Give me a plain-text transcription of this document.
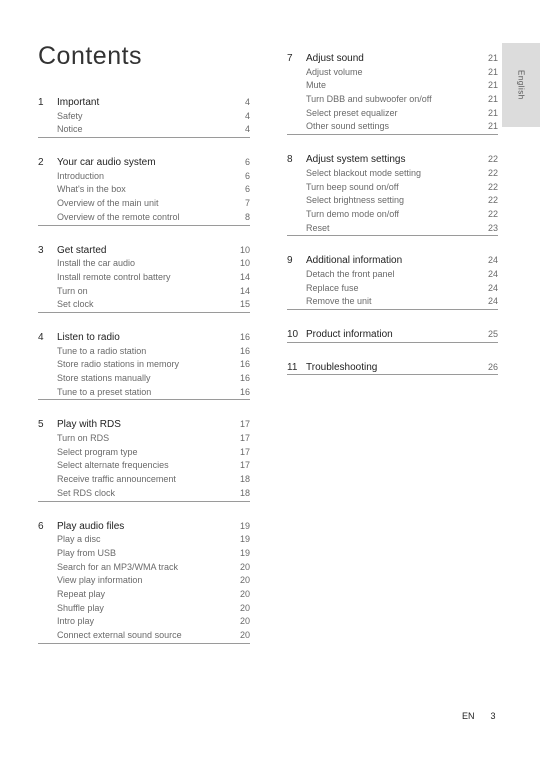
Contents
1	Important	4
Safety	4
Notice	4
2	Your car audio system	6
Introduction	6
What's in the box	6
Overview of the main unit	7
Overview of the remote control	8
3	Get started	10
Install the car audio	10
Install remote control battery	14
Turn on	14
Set clock	15
4	Listen to radio	16
Tune to a radio station	16
Store radio stations in memory	16
Store stations manually	16
Tune to a preset station	16
5	Play with RDS	17
Turn on RDS	17
Select program type	17
Select alternate frequencies	17
Receive traffic announcement	18
Set RDS clock	18
6	Play audio files	19
Play a disc	19
Play from USB	19
Search for an MP3/WMA track	20
View play information	20
Repeat play	20
Shuffle play	20
Intro play	20
Connect external sound source	20
7	Adjust sound	21
Adjust volume	21
Mute	21
Turn DBB and subwoofer on/off	21
Select preset equalizer	21
Other sound settings	21
8	Adjust system settings	22
Select blackout mode setting	22
Turn beep sound on/off	22
Select brightness setting	22
Turn demo mode on/off	22
Reset	23
9	Additional information	24
Detach the front panel	24
Replace fuse	24
Remove the unit	24
10 Product information	25
11 Troubleshooting	26
English
EN 3
